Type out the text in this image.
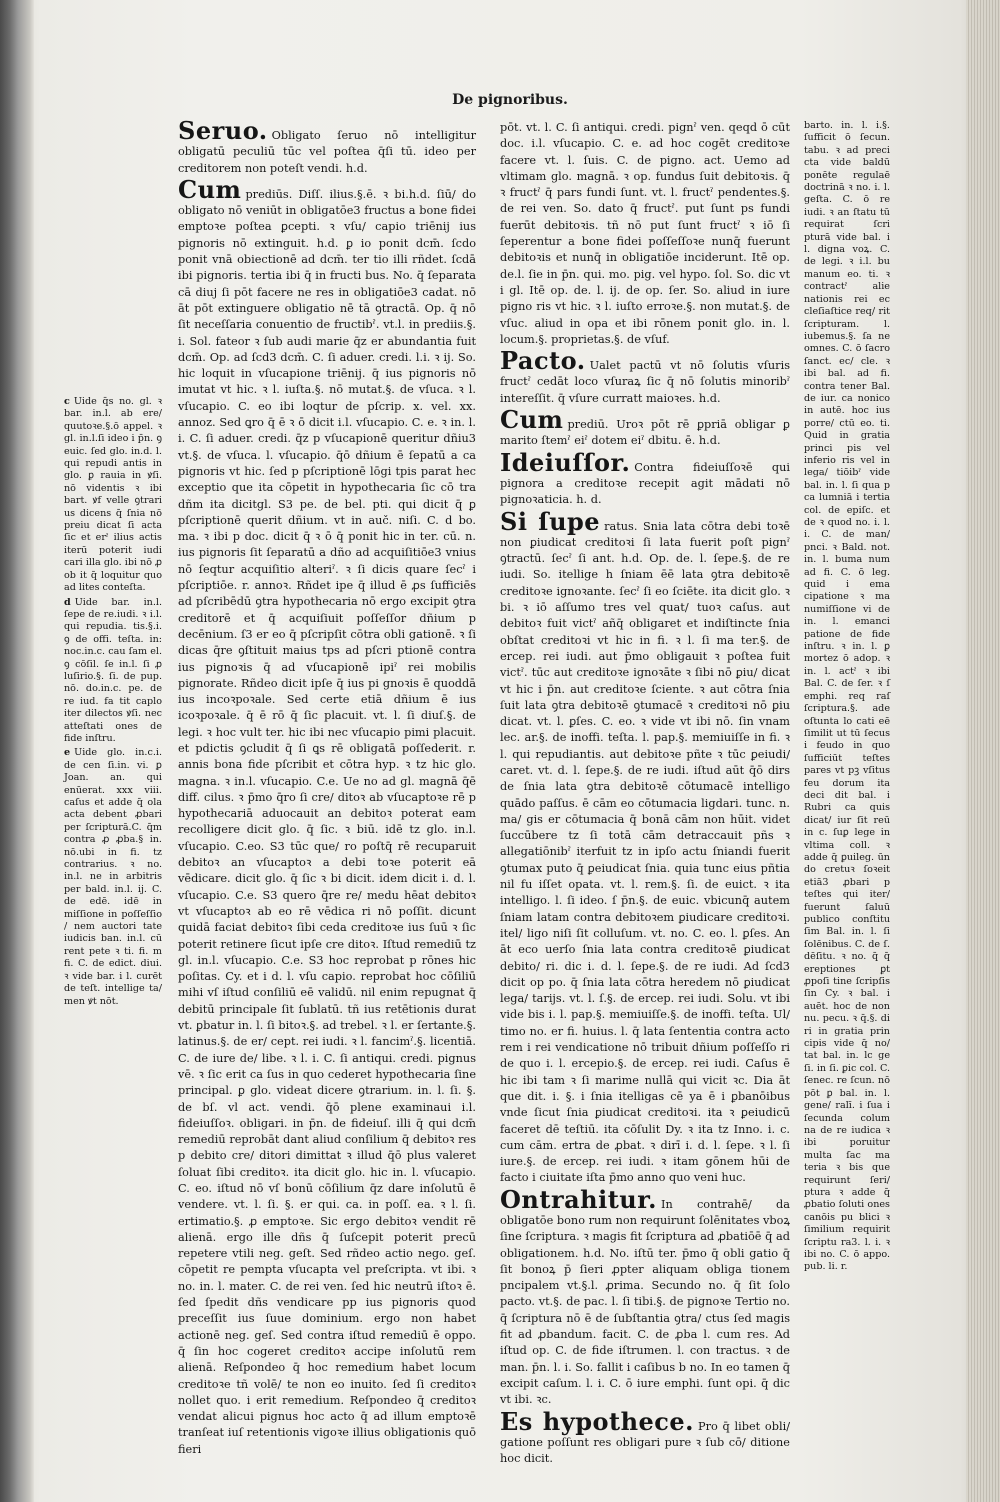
De pignoribus.

c Uide q̄s no. gl. ꝛ bar. in.l. ab ere/ quutoꝛe.§.ō appel. ꝛ gl. in.l.ſi ideo i p̄n. ꝯ euic. ſed glo. in.d. l. qui repudi antis in glo. ꝑ rauia in ꝟſi. nō videntis ꝛ ibi bart. ꝟf velle ꝯtrari us dicens q̄ ſnia nō preiu dicat ſi acta ſic et erˀ ilius actis iterū poterit iudi cari illa glo. ibi nō ꝓ ob it q̄ loquitur quo ad lites conteſta.

d Uide bar. in.l. ſepe de re.iudi. ꝛ i.l. qui repudia. tis.§.i. ꝯ de offi. teſta. in: noc.in.c. cau ſam el. ꝯ cōſil. ſe in.l. ſi ꝓ luſirio.§. ſi. de pup. nō. do.in.c. pe. de re iud. fa tit caplo iter dilectos ꝟſi. nec atteſtati ones de fide inſtru.

e Uide glo. in.c.i. de cen ſi.in. vi. ꝑ Joan. an. qui enūerat. xxx viii. caſus et adde q̄ ola acta debent ꝓbari per ſcripturā.C. q̄m contra ꝓ ꝓba.§ in. nō.ubi in fi. tz contrarius. ꝛ no. in.l. ne in arbitris per bald. in.l. ij. C. de edē. idē in miſſione in poſſeſſio / nem auctori tate iudicis ban. in.l. cū rent pete ꝛ ti. fi. m fi. C. de edict. diui. ꝛ vide bar. i l. curēt de teſt. intellige ta/ men ꝟt nōt.

Seruo. Obligato ſeruo nō intelligitur obligatū peculiū tūc vel poſtea q̄ſi tū. ideo per creditorem non poteſt vendi. h.d.

Cum prediūs. Diſſ. ilius.§.ē. ꝛ bi.h.d. ſiū/ do obligato nō veniūt in obligatōe3 fructus a bone fidei emptoꝛe poſtea ꝑcepti. ꝛ vſu/ capio triēnij ius pignoris nō extinguit. h.d. ꝑ io ponit dcm̄. ſcdo ponit vnā obiectionē ad dcm̄. ter tio illi rñdet. ſcdā ibi pignoris. tertia ibi q̄ in fructi bus. No. q̄ ſeparata cā diuj ſi pōt facere ne res in obligatiōe3 cadat. nō āt pōt extinguere obligatio nē tā ꝯtractā. Op. q̄ nō ſit neceſſaria conuentio de fructibˀ. vt.l. in prediis.§. i. Sol. fateor ꝛ ſub audi marie q̄z er abundantia fuit dcm̄. Op. ad ſcd3 dcm̄. C. ſi aduer. credi. l.i. ꝛ ij. So. hic loquit in vſucapione triēnij. q̄ ius pignoris nō imutat vt hic. ꝛ l. iuſta.§. nō mutat.§. de vſuca. ꝛ l. vſucapio. C. eo ibi loqtur de pſcrip. x. vel. xx. annoz. Sed ꝗro q̄ ē ꝛ ō dicit i.l. vſucapio. C. e. ꝛ in. l. i. C. ſi aduer. credi. q̄z p vſucapionē queritur dñiu3 vt.§. de vſuca. l. vſucapio. q̄ō dñium ē ſepatū a ca pignoris vt hic. ſed p pſcriptionē lōgi tpis parat hec exceptio que ita cōpetit in hypothecaria ſic cō tra dñm ita dicitgl. S3 pe. de bel. pti. qui dicit q̄ ꝑ pſcriptionē querit dñium. vt in auč. niſi. C. d bo. ma. ꝛ ibi p doc. dicit q̄ ꝛ ō q̄ ponit hic in ter. cū. n. ius pignoris ſit ſeparatū a dño ad acquiſitiōe3 vnius nō ſeqtur acquiſitio alteriˀ. ꝛ ſi dicis quare ſecˀ i pſcriptiōe. r. annoꝛ. Rñdet ipe q̄ illud ē ꝓs ſufficiēs ad pſcribēdū ꝯtra hypothecaria nō ergo excipit ꝯtra creditorē et q̄ acquiſiuit poſſeſſor dñium p decēnium. ſ3 er eo q̄ pſcripſit cōtra obli gationē. ꝛ ſi dicas q̄re ꝯſtituit maius tps ad pſcri ptionē contra ius pignoꝛis q̄ ad vſucapionē ipiˀ rei mobilis pignorate. Rñdeo dicit ipſe q̄ ius pi gnoꝛis ē quoddā ius incoꝛpoꝛale. Sed certe etiā dñium ē ius icoꝛpoꝛale. q̄ ē rō q̄ ſic placuit. vt. l. ſi diuſ.§. de legi. ꝛ hoc vult ter. hic ibi nec vſucapio pimi placuit. et pdictis ꝯcludit q̄ ſi ꝗs rē obligatā poſſederit. r. annis bona fide pſcribit et cōtra hyp. ꝛ tz hic glo. magna. ꝛ in.l. vſucapio. C.e. Ue no ad gl. magnā q̄ē diff. cilus. ꝛ p̄mo q̄ro ſi cre/ ditoꝛ ab vſucaptoꝛe rē p hypothecariā aduocauit an debitoꝛ poterat eam recolligere dicit glo. q̄ ſic. ꝛ biū. idē tz glo. in.l. vſucapio. C.eo. S3 tūc que/ ro poſtq̄ rē recuparuit debitoꝛ an vſucaptoꝛ a debi toꝛe poterit eā vēdicare. dicit glo. q̄ ſic ꝛ bi dicit. idem dicit i. d. l. vſucapio. C.e. S3 quero q̄re re/ medu hēat debitoꝛ vt vſucaptoꝛ ab eo rē vēdica ri nō poſſit. dicunt quidā faciat debitoꝛ ſibi ceda creditoꝛe ius ſuū ꝛ ſic poterit retinere ſicut ipſe cre ditoꝛ. Iſtud remediū tz gl. in.l. vſucapio. C.e. S3 hoc reprobat p rōnes hic poſitas. Cy. et i d. l. vſu capio. reprobat hoc cōſiliū mihi vſ iſtud conſiliū eē validū. nil enim repugnat q̄ debitū principale ſit ſublatū. tñ ius retētionis durat vt. ꝑbatur in. l. ſi bitoꝛ.§. ad trebel. ꝛ l. er ſertante.§. latinus.§. de er/ cept. rei iudi. ꝛ l. fancimˀ.§. licentiā. C. de iure de/ libe. ꝛ l. i. C. ſi antiqui. credi. pignus vē. ꝛ ſic erit ca ſus in quo cederet hypothecaria ſine principal. ꝑ glo. videat dicere ꝯtrarium. in. l. ſi. §. de bſ. vl act. vendi. q̄ō plene examinaui i.l. fideiuſſoꝛ. obligari. in p̄n. de fideiuſ. illi q̄ qui dcm̄ remediū reprobāt dant aliud conſilium q̄ debitoꝛ res p debito cre/ ditori dimittat ꝛ illud q̄ō plus valeret ſoluat ſibi creditoꝛ. ita dicit glo. hic in. l. vſucapio. C. eo. iſtud nō vſ bonū cōſilium q̄z dare inſolutū ē vendere. vt. l. ſi. §. er qui. ca. in poſſ. ea. ꝛ l. ſi. ertimatio.§. ꝓ emptoꝛe. Sic ergo debitoꝛ vendit rē alienā. ergo ille dñs q̄ ſuſcepit poterit precū repetere vtili neg. geſt. Sed rñdeo actio nego. geſ. cōpetit re pempta vſucapta vel preſcripta. vt ibi. ꝛ no. in. l. mater. C. de rei ven. ſed hic neutrū iſtoꝛ ē. ſed ſpedit dñs vendicare pp ius pignoris quod preceſſit ius ſuue dominium. ergo non habet actionē neg. geſ. Sed contra iſtud remediū ē oppo. q̄ ſin hoc cogeret creditoꝛ accipe inſolutū rem alienā. Reſpondeo q̄ hoc remedium habet locum creditoꝛe tñ volē/ te non eo inuito. ſed ſi creditoꝛ nollet quo. i erit remedium. Reſpondeo q̄ creditoꝛ vendat alicui pignus hoc acto q̄ ad illum emptoꝛē tranſeat iuſ retentionis vigoꝛe illius obligationis quō fieri

pōt. vt. l. C. ſi antiqui. credi. pignˀ ven. qeqd ō cūt doc. i.l. vſucapio. C. e. ad hoc cogēt creditoꝛe facere vt. l. ſuis. C. de pigno. act. Uemo ad vltimam glo. magnā. ꝛ op. fundus ſuit debitoꝛis. q̄ ꝛ fructˀ q̄ pars fundi ſunt. vt. l. fructˀ pendentes.§. de rei ven. So. dato q̄ fructˀ. put ſunt ps fundi fuerūt debitoꝛis. tñ nō put ſunt fructˀ ꝛ iō ſi ſeperentur a bone fidei poſſeſſoꝛe nunq̄ fuerunt debitoꝛis et nunq̄ in obligatiōe inciderunt. Itē op. de.l. ſie in p̄n. qui. mo. pig. vel hypo. ſol. So. dic vt i gl. Itē op. de. l. ij. de op. ſer. So. aliud in iure pigno ris vt hic. ꝛ l. iuſto erroꝛe.§. non mutat.§. de vſuc. aliud in opa et ibi rōnem ponit glo. in. l. locum.§. proprietas.§. de vſuf.

Pacto. Ualet pactū vt nō ſolutis vſuris fructˀ cedāt loco vſuraꝝ ſic q̄ nō ſolutis minoribˀ intereſſit. q̄ vſure curratt maioꝛes. h.d.

Cum prediū. Uroꝛ pōt rē ꝑpriā obligar ꝑ marito ſtemˀ eiˀ dotem eiˀ dbitu. ē. h.d.

Ideiuſſor. Contra fideiuſſoꝛē qui pignora a creditoꝛe recepit agit mādati nō pignoꝛaticia. h. d.

Si ſupe ratus. Snia lata cōtra debi toꝛē non ꝑiudicat creditoꝛi ſi lata fuerit poſt pignˀ ꝯtractū. ſecˀ ſi ant. h.d. Op. de. l. ſepe.§. de re iudi. So. itellige h ſniam ēē lata ꝯtra debitoꝛē creditoꝛe ignoꝛante. ſecˀ ſi eo ſciēte. ita dicit glo. ꝛ bi. ꝛ iō aſſumo tres vel quat/ tuoꝛ caſus. aut debitoꝛ fuit victˀ añq̄ obligaret et indiſtincte ſnia obſtat creditoꝛi vt hic in fi. ꝛ l. ſi ma ter.§. de ercep. rei iudi. aut p̄mo obligauit ꝛ poſtea fuit victˀ. tūc aut creditoꝛe ignoꝛāte ꝛ ſibi nō ꝑiu/ dicat vt hic i p̄n. aut creditoꝛe ſciente. ꝛ aut cōtra ſnia ſuit lata ꝯtra debitoꝛē ꝯtumacē ꝛ creditoꝛi nō ꝑiu dicat. vt. l. ꝑſes. C. eo. ꝛ vide vt ibi nō. ſin vnam lec. ar.§. de inoffi. teſta. l. pap.§. memiuiſſe in fi. ꝛ l. qui repudiantis. aut debitoꝛe pñte ꝛ tūc ꝑeiudi/ caret. vt. d. l. ſepe.§. de re iudi. iſtud aūt q̄ō dirs de ſnia lata ꝯtra debitoꝛē cōtumacē intelligo quādo paſſus. ē cām eo cōtumacia ligdari. tunc. n. ma/ gis er cōtumacia q̄ bonā cām non hūit. videt ſuccūbere tz ſi totā cām detraccauit pñs ꝛ allegatiōnibˀ iterfuit tz in ipſo actu ſniandi fuerit ꝯtumax puto q̄ ꝑeiudicat ſnia. quia tunc eius pñtia nil fu iſſet opata. vt. l. rem.§. ſi. de euict. ꝛ ita intelligo. l. ſi ideo. ſ p̄n.§. de euic. vbicunq̄ autem ſniam latam contra debitoꝛem ꝑiudicare creditoꝛi. itel/ ligo niſi ſit colluſum. vt. no. C. eo. l. ꝑſes. An āt eco uerſo ſnia lata contra creditoꝛē ꝑiudicat debito/ ri. dic i. d. l. ſepe.§. de re iudi. Ad ſcd3 dicit op po. q̄ ſnia lata cōtra heredem nō ꝑiudicat lega/ tarijs. vt. l. ſ.§. de ercep. rei iudi. Solu. vt ibi vide bis i. l. pap.§. memiuiſſe.§. de inoffi. teſta. Ul/ timo no. er fi. huius. l. q̄ lata ſententia contra acto rem i rei vendicatione nō tribuit dñium poſſeſſo ri de quo i. l. ercepio.§. de ercep. rei iudi. Caſus ē hic ibi tam ꝛ ſi marime nullā qui vicit ꝛc. Dia āt que dit. i. §. i ſnia itelligas cē ya ē i ꝑbanōibus vnde ſicut ſnia ꝑiudicat creditoꝛi. ita ꝛ ꝑeiudicū faceret dē teſtiū. ita cōſulit Dy. ꝛ ita tz Inno. i. c. cum cām. ertra de ꝓbat. ꝛ dirī i. d. l. ſepe. ꝛ l. ſi iure.§. de ercep. rei iudi. ꝛ itam gōnem hūi de facto i ciuitate iſta p̄mo anno quo veni huc.

Ontrahitur. In contrahē/ da obligatōe bono rum non requirunt ſolēnitates vboꝝ ſine ſcriptura. ꝛ magis fit ſcriptura ad ꝓbatiōē q̄ ad obligationem. h.d. No. iſtū ter. p̄mo q̄ obli gatio q̄ ſit bonoꝝ p̄ ſieri ꝓpter aliquam obliga tionem pncipalem vt.§.l. ꝓrima. Secundo no. q̄ ſit ſolo pacto. vt.§. de pac. l. ſi tibi.§. de pignoꝛe Tertio no. q̄ ſcriptura nō ē de ſubſtantia ꝯtra/ ctus ſed magis fit ad ꝓbandum. facit. C. de ꝓba l. cum res. Ad iſtud op. C. de fide iſtrumen. l. con tractus. ꝛ de man. p̄n. l. i. So. fallit i caſibus b no. In eo tamen q̄ excipit caſum. l. i. C. ō iure emphi. ſunt opi. q̄ dic vt ibi. ꝛc.

Es hypothece. Pro q̄ libet obli/ gatione poſſunt res obligari pure ꝛ ſub cō/ ditione hoc dicit.

barto. in. l. i.§. ſufficit ō ſecun. tabu. ꝛ ad preci cta vide baldū ponēte regulaē doctrinā ꝛ no. i. l. geſta. C. ō re iudi. ꝛ an ſtatu tū requirat ſcri pturā vide bal. i l. digna voꝝ. C. de legi. ꝛ i.l. bu manum eo. ti. ꝛ contractˀ alie nationis rei ec cleſiaſtice req/ rit ſcripturam. l. iubemus.§. ſa ne omnes. C. ō ſacro ſanct. ec/ cle. ꝛ ibi bal. ad fi. contra tener Bal. de iur. ca nonico in autē. hoc ius porre/ ctū eo. ti. Quid in gratia princi pis vel inferio ris vel in lega/ tiōibˀ vide bal. in. l. ſi qua p ca lumniā i tertia col. de epiſc. et de ꝛ quod no. i. l. i. C. de man/ pnci. ꝛ Bald. not. in. l. buma num ad fi. C. ō leg. quid i ema cipatione ꝛ ma numiſſione vi de in. l. emanci patione de fide inſtru. ꝛ in. l. ꝑ mortez ō adop. ꝛ in. l. actˀ ꝛ ibi Bal. C. de ſer. ꝛ ſ emphi. req raſ ſcriptura.§. ade oſtunta lo cati eē ſimilit ut tū ſecus i feudo in quo ſufficiūt teſtes pares vt pꝫ vſitus feu dorum ita deci dit bal. i Rubri ca quis dicat/ iur ſit reū in c. ſuꝑ lege in vltima coll. ꝛ adde q̄ ꝑuileg. ūn do cretuꝛ ſoꝛeit etiā3 ꝓbari p teſtes qui iter/ fuerunt ſaluū publico conſtitu ſim Bal. in. l. ſi ſolēnibus. C. de ſ. dēſitu. ꝛ no. q̄ q̄ ereptiones ꝑt ꝓpoſi tine ſcripſis ſin Cy. ꝛ bal. i auēt. hoc de non nu. pecu. ꝛ q̄.§. di ri in gratia prin cipis vide q̄ no/ tat bal. in. lc ge ſi. in ſi. ꝑic col. C. ſenec. re ſcun. nō pōt ꝑ bal. in. l. gene/ ralī. i ſua i ſecunda colum na de re iudica ꝛ ibi poruitur multa ſac ma teria ꝛ bis que requirunt ſeri/ ptura ꝛ adde q̄ ꝓbatio ſoluti ones canōis pu blici ꝛ ſimilium requirit ſcriptu ra3. l. i. ꝛ ibi no. C. ō appo. pub. li. r.
